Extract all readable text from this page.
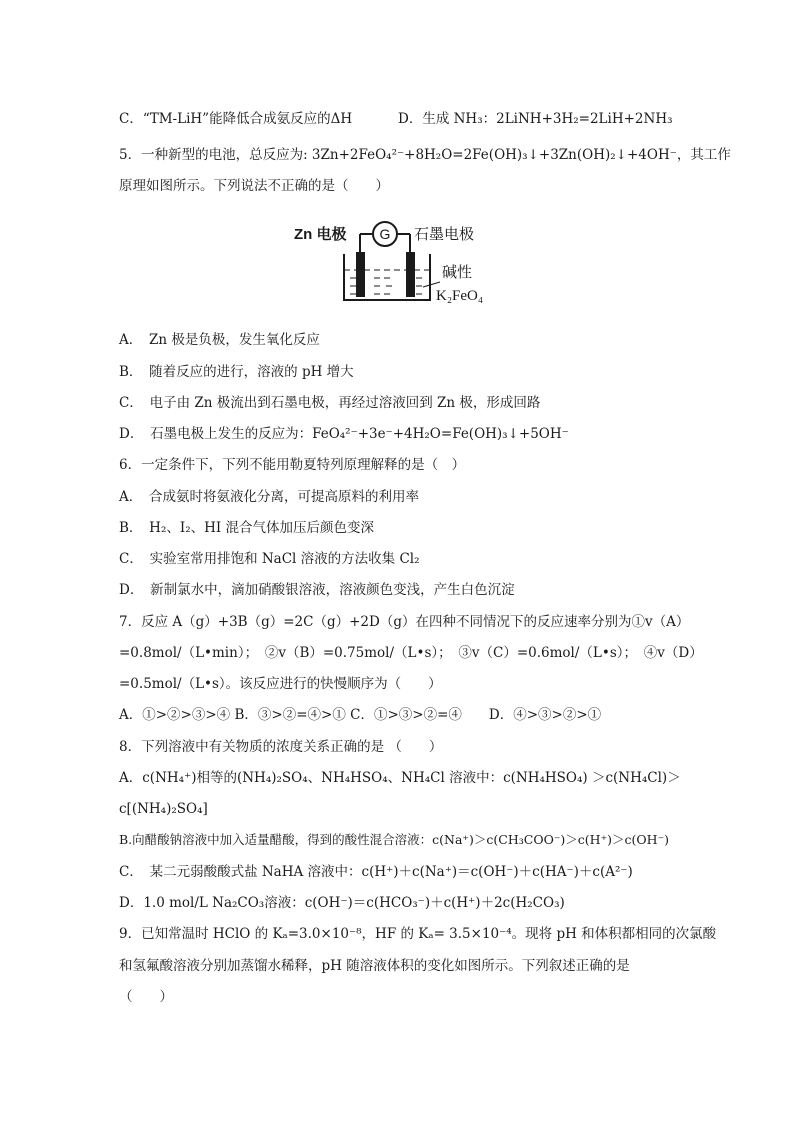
C．“TM-LiH”能降低合成氨反应的ΔH	D．生成 NH₃：2LiNH+3H₂=2LiH+2NH₃
5．一种新型的电池，总反应为: 3Zn+2FeO₄²⁻+8H₂O=2Fe(OH)₃↓+3Zn(OH)₂↓+4OH⁻，其工作
原理如图所示。下列说法不正确的是（　　）
Zn 电极 G 石墨电极
碱性
K₂FeO₄
A．　Zn 极是负极，发生氧化反应
B．　随着反应的进行，溶液的 pH 增大
C．　电子由 Zn 极流出到石墨电极，再经过溶液回到 Zn 极，形成回路
D．　石墨电极上发生的反应为：FeO₄²⁻+3e⁻+4H₂O=Fe(OH)₃↓+5OH⁻
6．一定条件下，下列不能用勒夏特列原理解释的是（　）
A．　合成氨时将氨液化分离，可提高原料的利用率
B．　H₂、I₂、HI 混合气体加压后颜色变深
C．　实验室常用排饱和 NaCl 溶液的方法收集 Cl₂
D．　新制氯水中，滴加硝酸银溶液，溶液颜色变浅，产生白色沉淀
7．反应 A（g）+3B（g）=2C（g）+2D（g）在四种不同情况下的反应速率分别为①v（A）
=0.8mol/（L•min）；　②v（B）=0.75mol/（L•s）；　③v（C）=0.6mol/（L•s）；　④v（D）
=0.5mol/（L•s）。该反应进行的快慢顺序为（　　）
A．①>②>③>④ B．③>②=④>① C．①>③>②=④　　D．④>③>②>①
8．下列溶液中有关物质的浓度关系正确的是 （　　）
A．c(NH₄⁺)相等的(NH₄)₂SO₄、NH₄HSO₄、NH₄Cl 溶液中：c(NH₄HSO₄) ＞c(NH₄Cl)＞
c[(NH₄)₂SO₄]
B.向醋酸钠溶液中加入适量醋酸，得到的酸性混合溶液：c(Na⁺)＞c(CH₃COO⁻)＞c(H⁺)＞c(OH⁻)
C．　某二元弱酸酸式盐 NaHA 溶液中：c(H⁺)＋c(Na⁺)＝c(OH⁻)＋c(HA⁻)＋c(A²⁻)
D．1.0 mol/L Na₂CO₃溶液：c(OH⁻)＝c(HCO₃⁻)＋c(H⁺)＋2c(H₂CO₃)
9．已知常温时 HClO 的 Kₐ=3.0×10⁻⁸，HF 的 Kₐ= 3.5×10⁻⁴。现将 pH 和体积都相同的次氯酸
和氢氟酸溶液分别加蒸馏水稀释，pH 随溶液体积的变化如图所示。下列叙述正确的是
（　　）
